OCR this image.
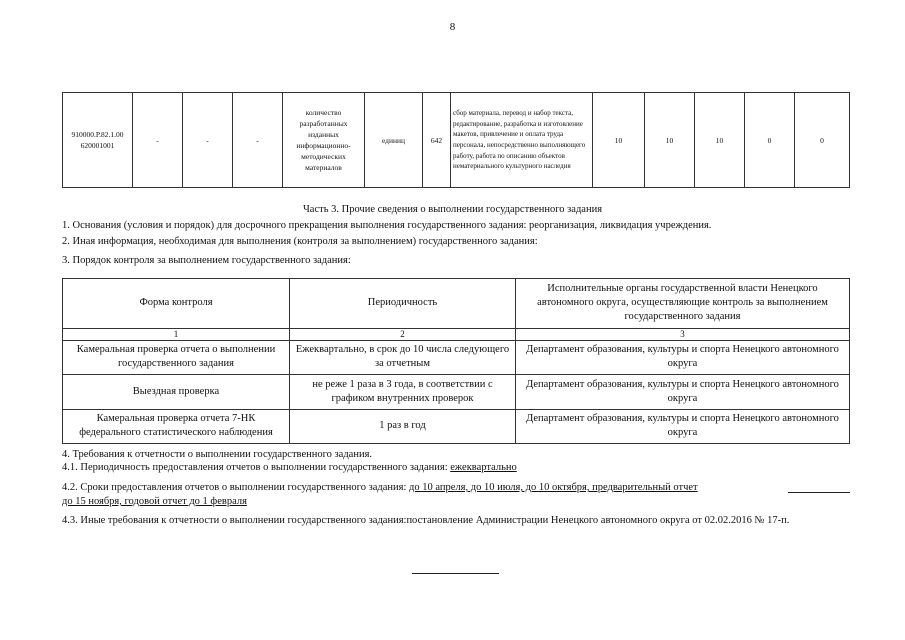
8
910000.Р.82.1.00 620001001	-	-	-	количество разработанных изданных информационно-методических материалов	единиц	642	сбор материала, перевод и набор текста, редактирование, разработка и изготовление макетов, привлечение и оплата труда персонала, непосредственно выполняющего работу, работа по описанию объектов нематериального культурного наследия	10	10	10	0	0
Часть 3. Прочие сведения о выполнении государственного задания
1. Основания (условия и порядок) для досрочного прекращения выполнения государственного задания: реорганизация, ликвидация учреждения.
2. Иная информация, необходимая для выполнения (контроля за выполнением) государственного задания:
3. Порядок контроля за выполнением государственного задания:
Форма контроля	Периодичность	Исполнительные органы государственной власти Ненецкого автономного округа, осуществляющие контроль за выполнением государственного задания
1	2	3
Камеральная проверка отчета о выполнении государственного задания	Ежеквартально, в срок до 10 числа следующего за отчетным	Департамент образования, культуры и спорта Ненецкого автономного округа
Выездная проверка	не реже 1 раза в 3 года, в соответствии с графиком внутренних проверок	Департамент образования, культуры и спорта Ненецкого автономного округа
Камеральная проверка отчета 7-НК федерального статистического наблюдения	1 раз в год	Департамент образования, культуры и спорта Ненецкого автономного округа
4. Требования к отчетности о выполнении государственного задания.
4.1. Периодичность предоставления отчетов о выполнении государственного задания: ежеквартально
4.2. Сроки предоставления отчетов о выполнении государственного задания: до 10 апреля, до 10 июля, до 10 октября, предварительный отчет
до 15 ноября, годовой отчет до 1 февраля
4.3. Иные требования к отчетности о выполнении государственного задания:постановление Администрации Ненецкого автономного округа от 02.02.2016 № 17-п.
